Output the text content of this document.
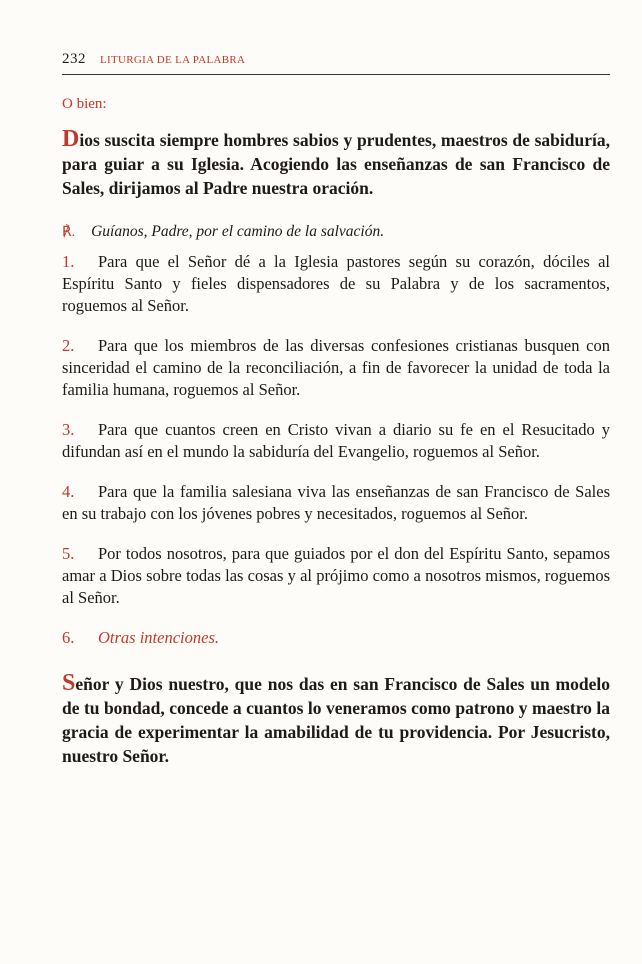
232 LITURGIA DE LA PALABRA

O bien:

Dios suscita siempre hombres sabios y prudentes, maestros de sabiduría, para guiar a su Iglesia. Acogiendo las enseñanzas de san Francisco de Sales, dirijamos al Padre nuestra oración.

℟. Guíanos, Padre, por el camino de la salvación.

1. Para que el Señor dé a la Iglesia pastores según su corazón, dóciles al Espíritu Santo y fieles dispensadores de su Palabra y de los sacramentos, roguemos al Señor.

2. Para que los miembros de las diversas confesiones cristianas busquen con sinceridad el camino de la reconciliación, a fin de favorecer la unidad de toda la familia humana, roguemos al Señor.

3. Para que cuantos creen en Cristo vivan a diario su fe en el Resucitado y difundan así en el mundo la sabiduría del Evangelio, roguemos al Señor.

4. Para que la familia salesiana viva las enseñanzas de san Francisco de Sales en su trabajo con los jóvenes pobres y necesitados, roguemos al Señor.

5. Por todos nosotros, para que guiados por el don del Espíritu Santo, sepamos amar a Dios sobre todas las cosas y al prójimo como a nosotros mismos, roguemos al Señor.

6. Otras intenciones.

Señor y Dios nuestro, que nos das en san Francisco de Sales un modelo de tu bondad, concede a cuantos lo veneramos como patrono y maestro la gracia de experimentar la amabilidad de tu providencia. Por Jesucristo, nuestro Señor.
